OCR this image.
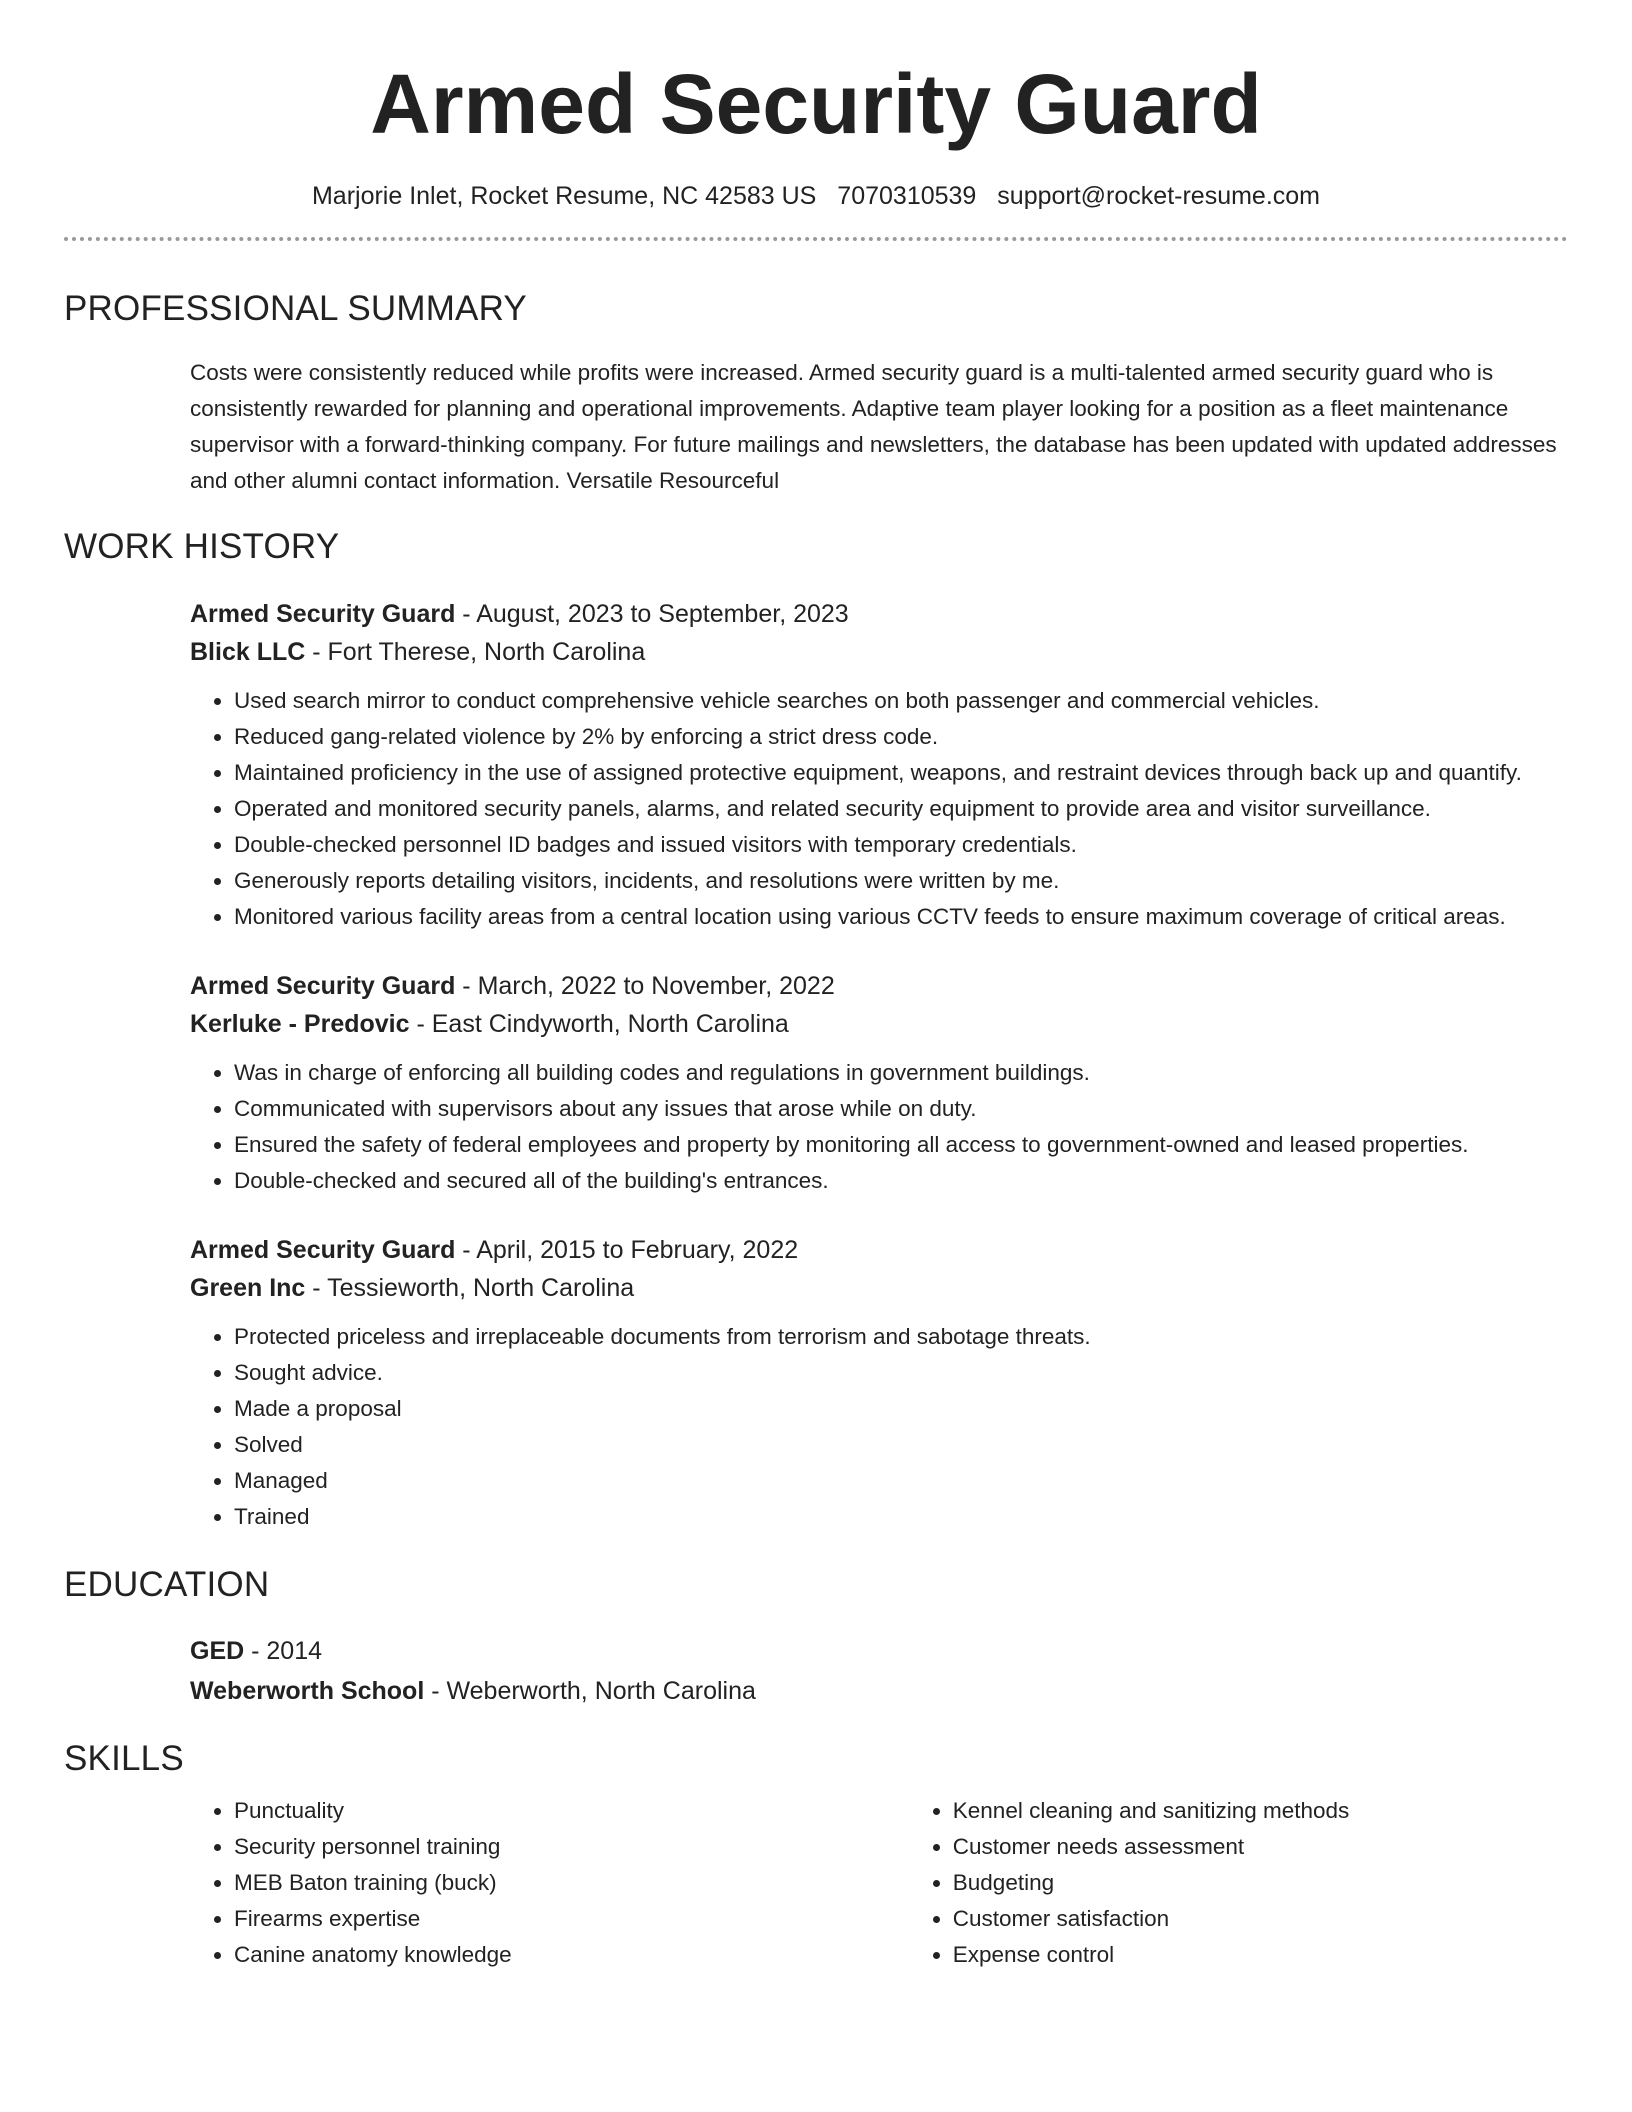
Armed Security Guard
Marjorie Inlet, Rocket Resume, NC 42583 US 7070310539 support@rocket-resume.com
PROFESSIONAL SUMMARY
Costs were consistently reduced while profits were increased. Armed security guard is a multi-talented armed security guard who is consistently rewarded for planning and operational improvements. Adaptive team player looking for a position as a fleet maintenance supervisor with a forward-thinking company. For future mailings and newsletters, the database has been updated with updated addresses and other alumni contact information. Versatile Resourceful
WORK HISTORY
Armed Security Guard - August, 2023 to September, 2023
Blick LLC - Fort Therese, North Carolina
• Used search mirror to conduct comprehensive vehicle searches on both passenger and commercial vehicles.
• Reduced gang-related violence by 2% by enforcing a strict dress code.
• Maintained proficiency in the use of assigned protective equipment, weapons, and restraint devices through back up and quantify.
• Operated and monitored security panels, alarms, and related security equipment to provide area and visitor surveillance.
• Double-checked personnel ID badges and issued visitors with temporary credentials.
• Generously reports detailing visitors, incidents, and resolutions were written by me.
• Monitored various facility areas from a central location using various CCTV feeds to ensure maximum coverage of critical areas.
Armed Security Guard - March, 2022 to November, 2022
Kerluke - Predovic - East Cindyworth, North Carolina
• Was in charge of enforcing all building codes and regulations in government buildings.
• Communicated with supervisors about any issues that arose while on duty.
• Ensured the safety of federal employees and property by monitoring all access to government-owned and leased properties.
• Double-checked and secured all of the building's entrances.
Armed Security Guard - April, 2015 to February, 2022
Green Inc - Tessieworth, North Carolina
• Protected priceless and irreplaceable documents from terrorism and sabotage threats.
• Sought advice.
• Made a proposal
• Solved
• Managed
• Trained
EDUCATION
GED - 2014
Weberworth School - Weberworth, North Carolina
SKILLS
• Punctuality
• Security personnel training
• MEB Baton training (buck)
• Firearms expertise
• Canine anatomy knowledge
• Kennel cleaning and sanitizing methods
• Customer needs assessment
• Budgeting
• Customer satisfaction
• Expense control
